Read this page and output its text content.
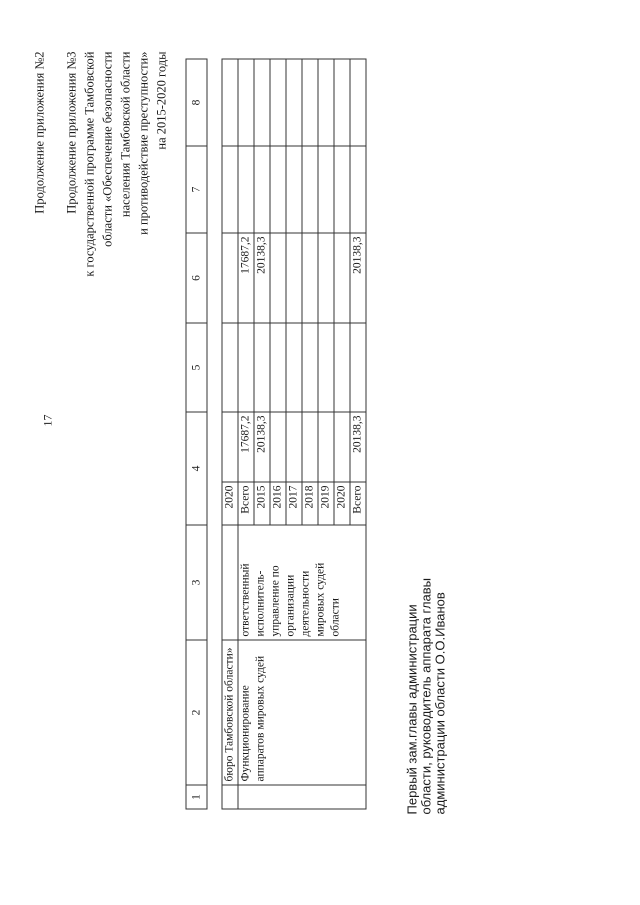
17
Продолжение приложения №2 Продолжение приложения №3 к государственной программе Тамбовской области «Обеспечение безопасности населения Тамбовской области и противодействие преступности» на 2015-2020 годы
1	2	3	4		5	6	7	8

	бюро Тамбовской области»		2020					
	Функционирование аппаратов мировых судей	ответственный исполнитель-управление по организации деятельности мировых судей области	Всего	17687,2		17687,2		
			2015	20138,3		20138,3		
			2016					
			2017					
			2018					
			2019					
			2020					
			Всего	20138,3		20138,3		
Первый зам.главы администрации области, руководитель аппарата главы администрации области О.О.Иванов
